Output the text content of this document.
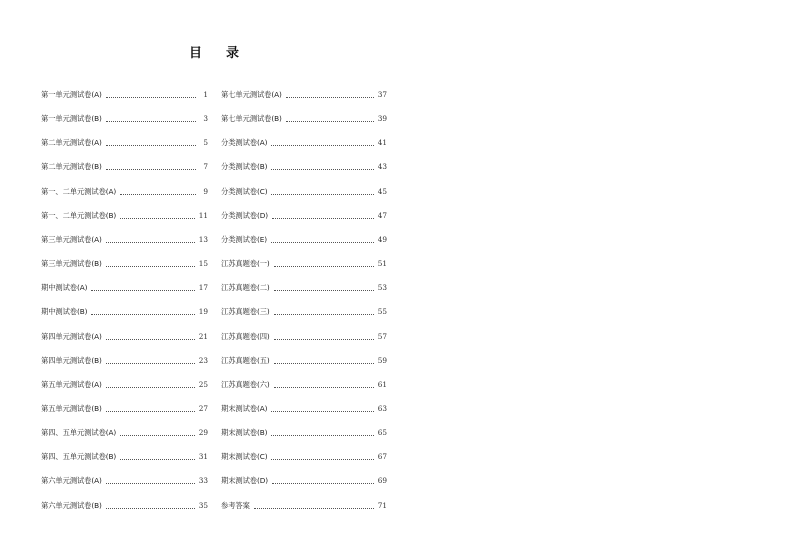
目 录
第一单元测试卷(A)	1
第一单元测试卷(B)	3
第二单元测试卷(A)	5
第二单元测试卷(B)	7
第一、二单元测试卷(A)	9
第一、二单元测试卷(B)	11
第三单元测试卷(A)	13
第三单元测试卷(B)	15
期中测试卷(A)	17
期中测试卷(B)	19
第四单元测试卷(A)	21
第四单元测试卷(B)	23
第五单元测试卷(A)	25
第五单元测试卷(B)	27
第四、五单元测试卷(A)	29
第四、五单元测试卷(B)	31
第六单元测试卷(A)	33
第六单元测试卷(B)	35
第七单元测试卷(A)	37
第七单元测试卷(B)	39
分类测试卷(A)	41
分类测试卷(B)	43
分类测试卷(C)	45
分类测试卷(D)	47
分类测试卷(E)	49
江苏真题卷(一)	51
江苏真题卷(二)	53
江苏真题卷(三)	55
江苏真题卷(四)	57
江苏真题卷(五)	59
江苏真题卷(六)	61
期末测试卷(A)	63
期末测试卷(B)	65
期末测试卷(C)	67
期末测试卷(D)	69
参考答案	71
